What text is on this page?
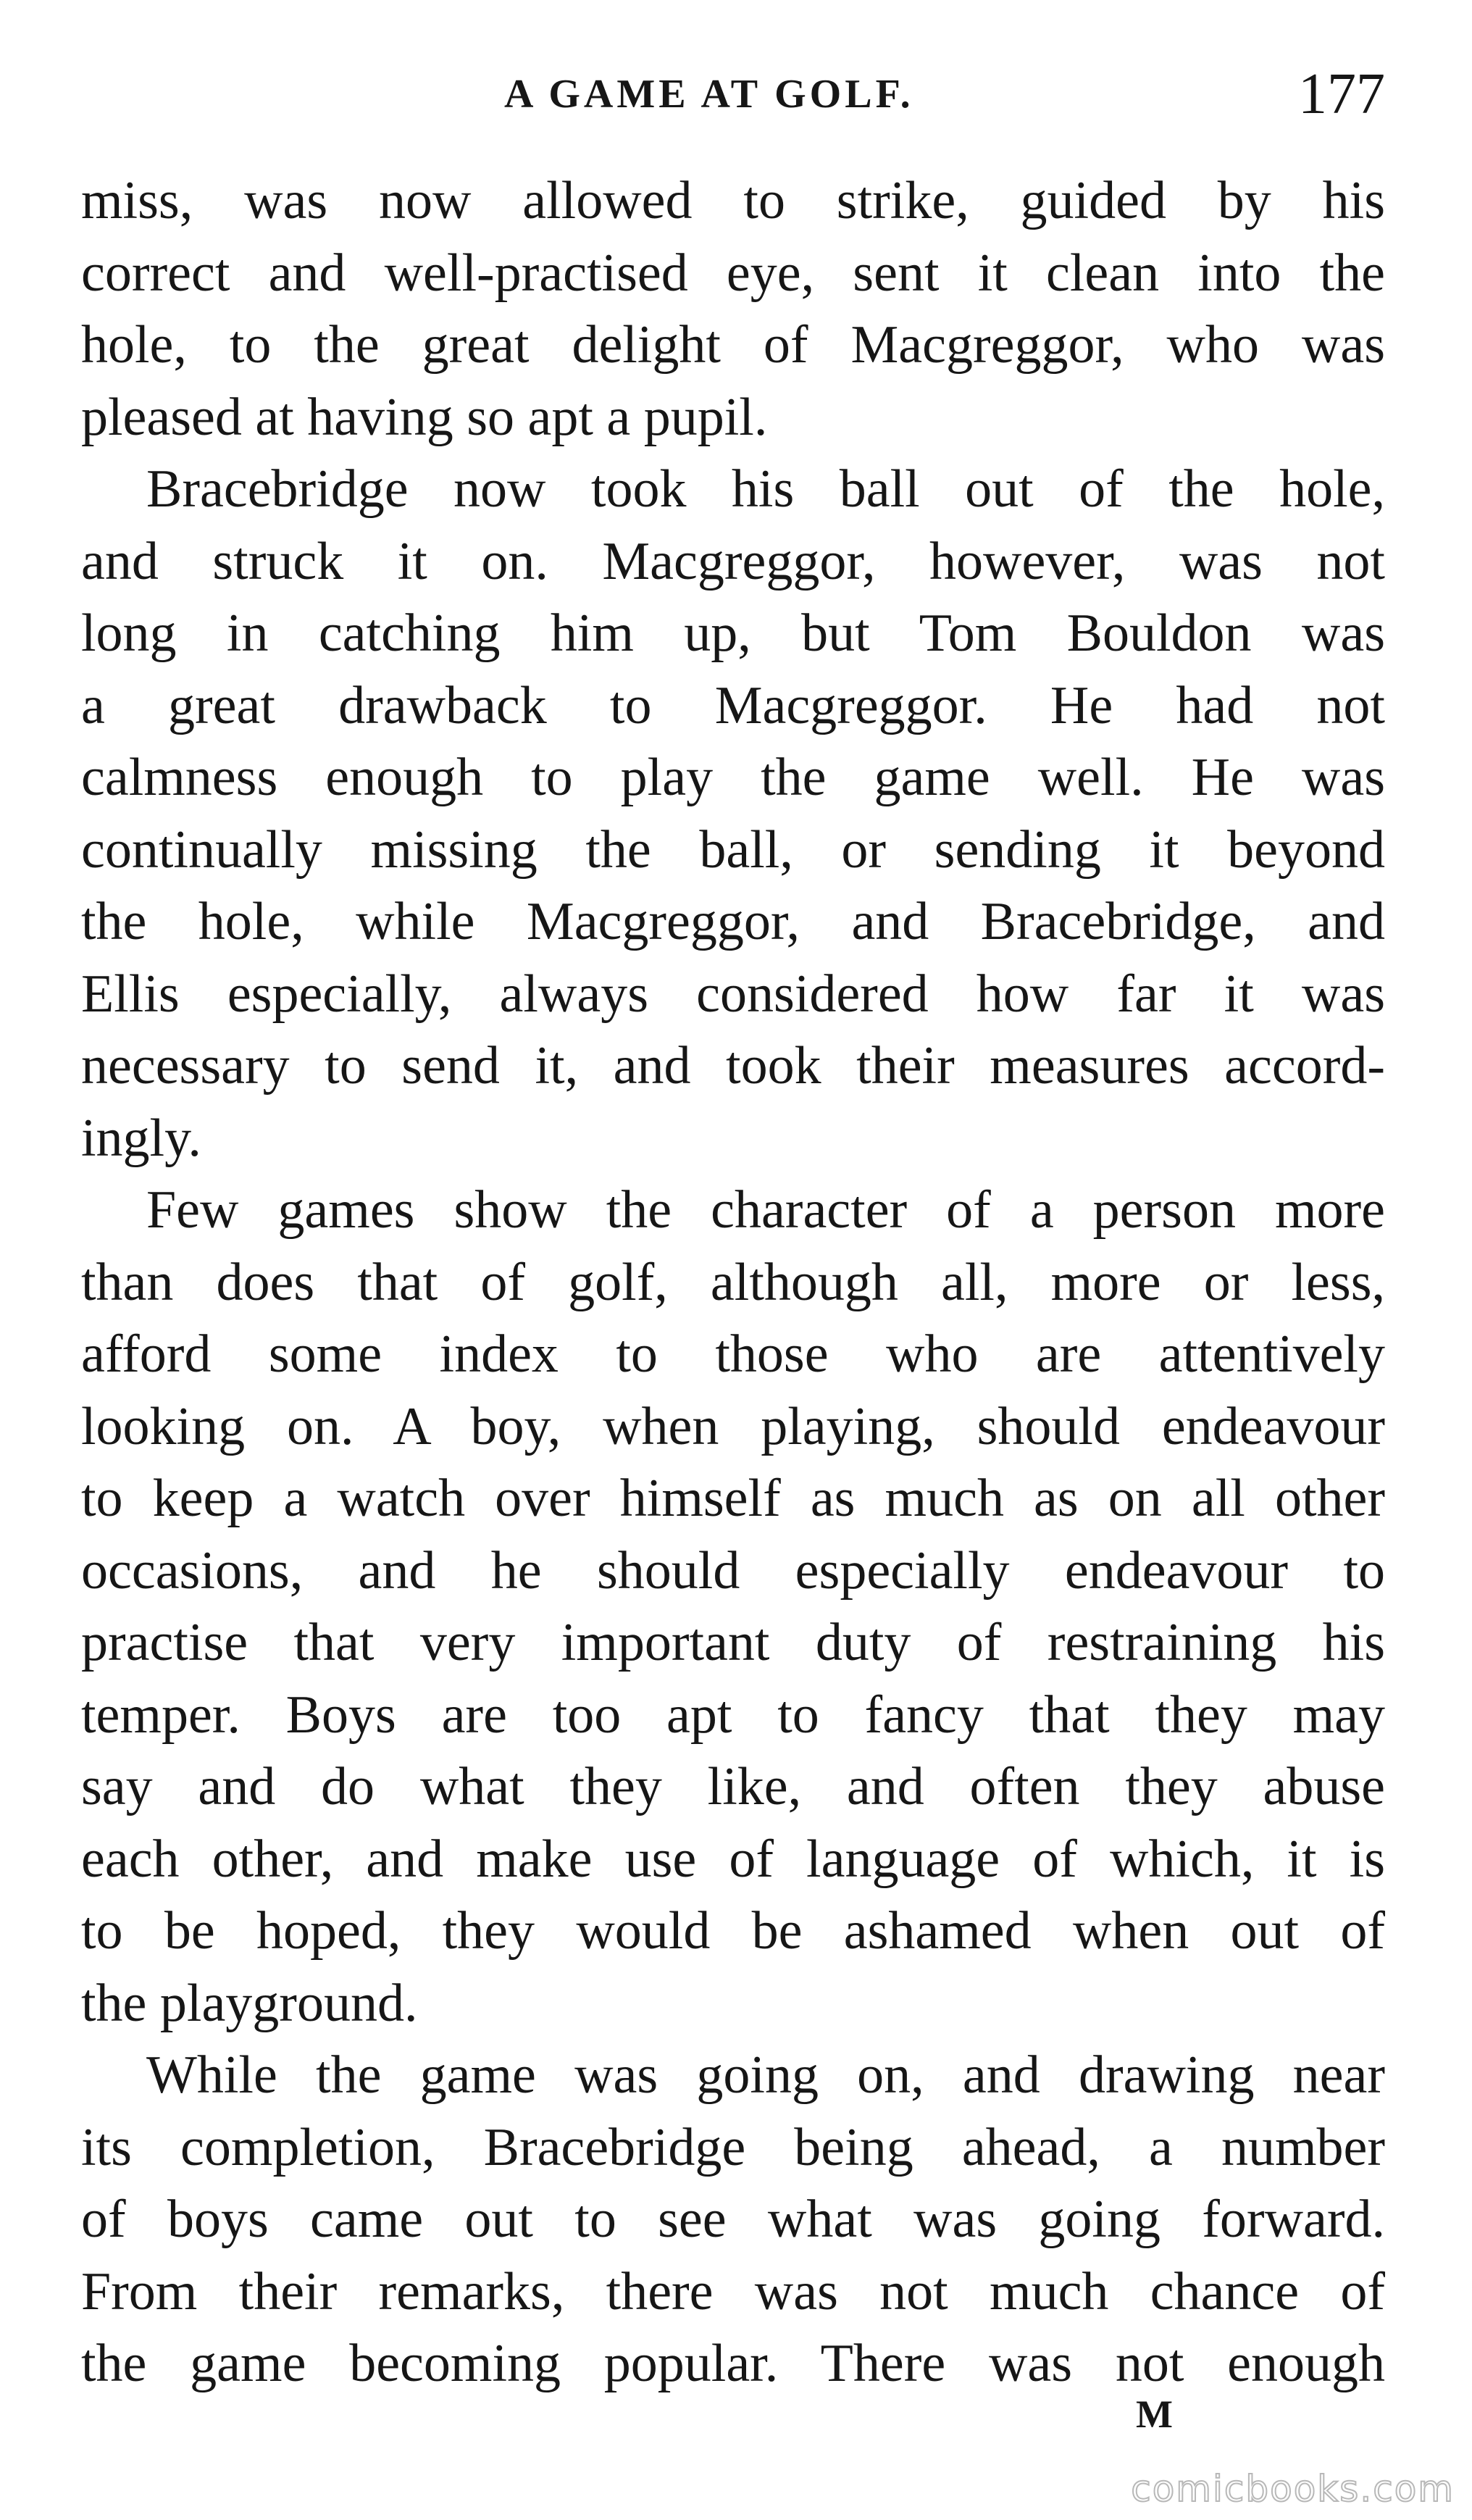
A GAME AT GOLF.	177
miss, was now allowed to strike, guided by his
correct and well-practised eye, sent it clean into the
hole, to the great delight of Macgreggor, who was
pleased at having so apt a pupil.
Bracebridge now took his ball out of the hole,
and struck it on. Macgreggor, however, was not
long in catching him up, but Tom Bouldon was
a great drawback to Macgreggor. He had not
calmness enough to play the game well. He was
continually missing the ball, or sending it beyond
the hole, while Macgreggor, and Bracebridge, and
Ellis especially, always considered how far it was
necessary to send it, and took their measures accord-
ingly.
Few games show the character of a person more
than does that of golf, although all, more or less,
afford some index to those who are attentively
looking on. A boy, when playing, should endeavour
to keep a watch over himself as much as on all other
occasions, and he should especially endeavour to
practise that very important duty of restraining his
temper. Boys are too apt to fancy that they may
say and do what they like, and often they abuse
each other, and make use of language of which, it is
to be hoped, they would be ashamed when out of
the playground.
While the game was going on, and drawing near
its completion, Bracebridge being ahead, a number
of boys came out to see what was going forward.
From their remarks, there was not much chance of
the game becoming popular. There was not enough
M
comicbooks.com
